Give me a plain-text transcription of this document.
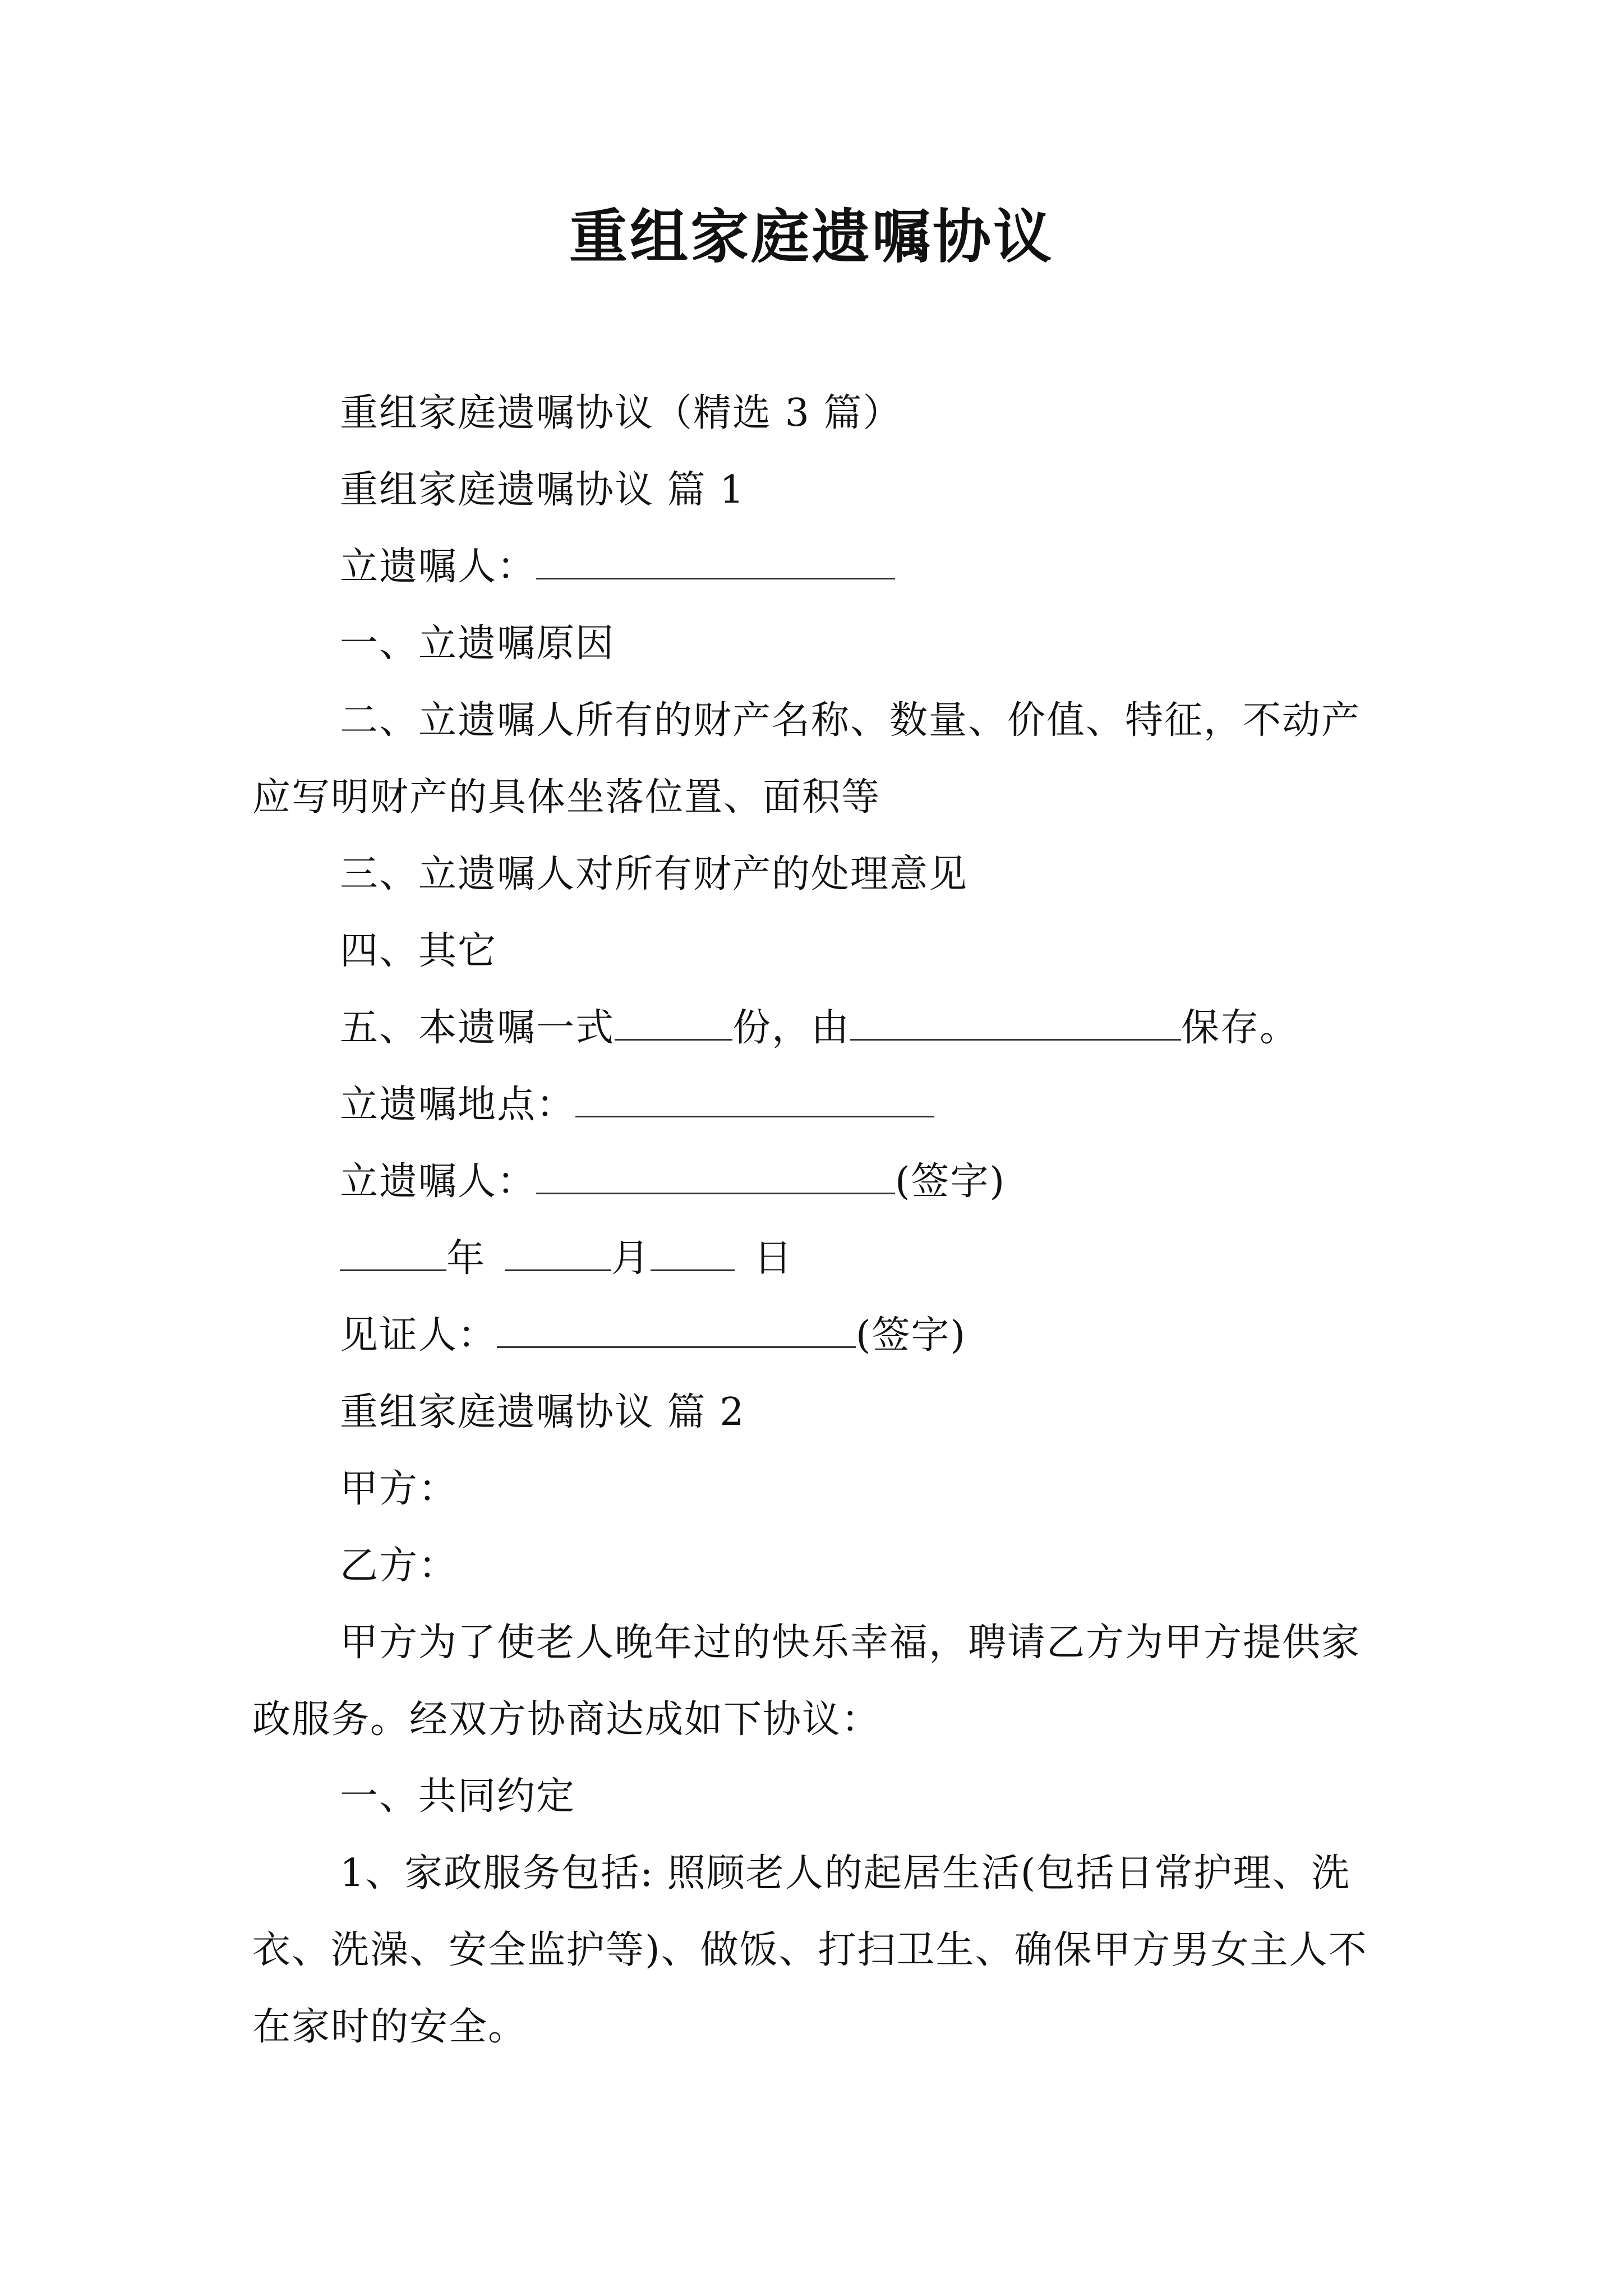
重组家庭遗嘱协议

重组家庭遗嘱协议（精选 3 篇）

重组家庭遗嘱协议 篇 1

立遗嘱人：

一、立遗嘱原因

二、立遗嘱人所有的财产名称、数量、价值、特征，不动产应写明财产的具体坐落位置、面积等

三、立遗嘱人对所有财产的处理意见

四、其它

五、本遗嘱一式	份，由	保存。

立遗嘱地点：

立遗嘱人：	(签字)

年	月	日

见证人：	(签字)

重组家庭遗嘱协议 篇 2

甲方：

乙方：

甲方为了使老人晚年过的快乐幸福，聘请乙方为甲方提供家政服务。经双方协商达成如下协议：

一、共同约定

1、家政服务包括: 照顾老人的起居生活(包括日常护理、洗衣、洗澡、安全监护等)、做饭、打扫卫生、确保甲方男女主人不在家时的安全。
